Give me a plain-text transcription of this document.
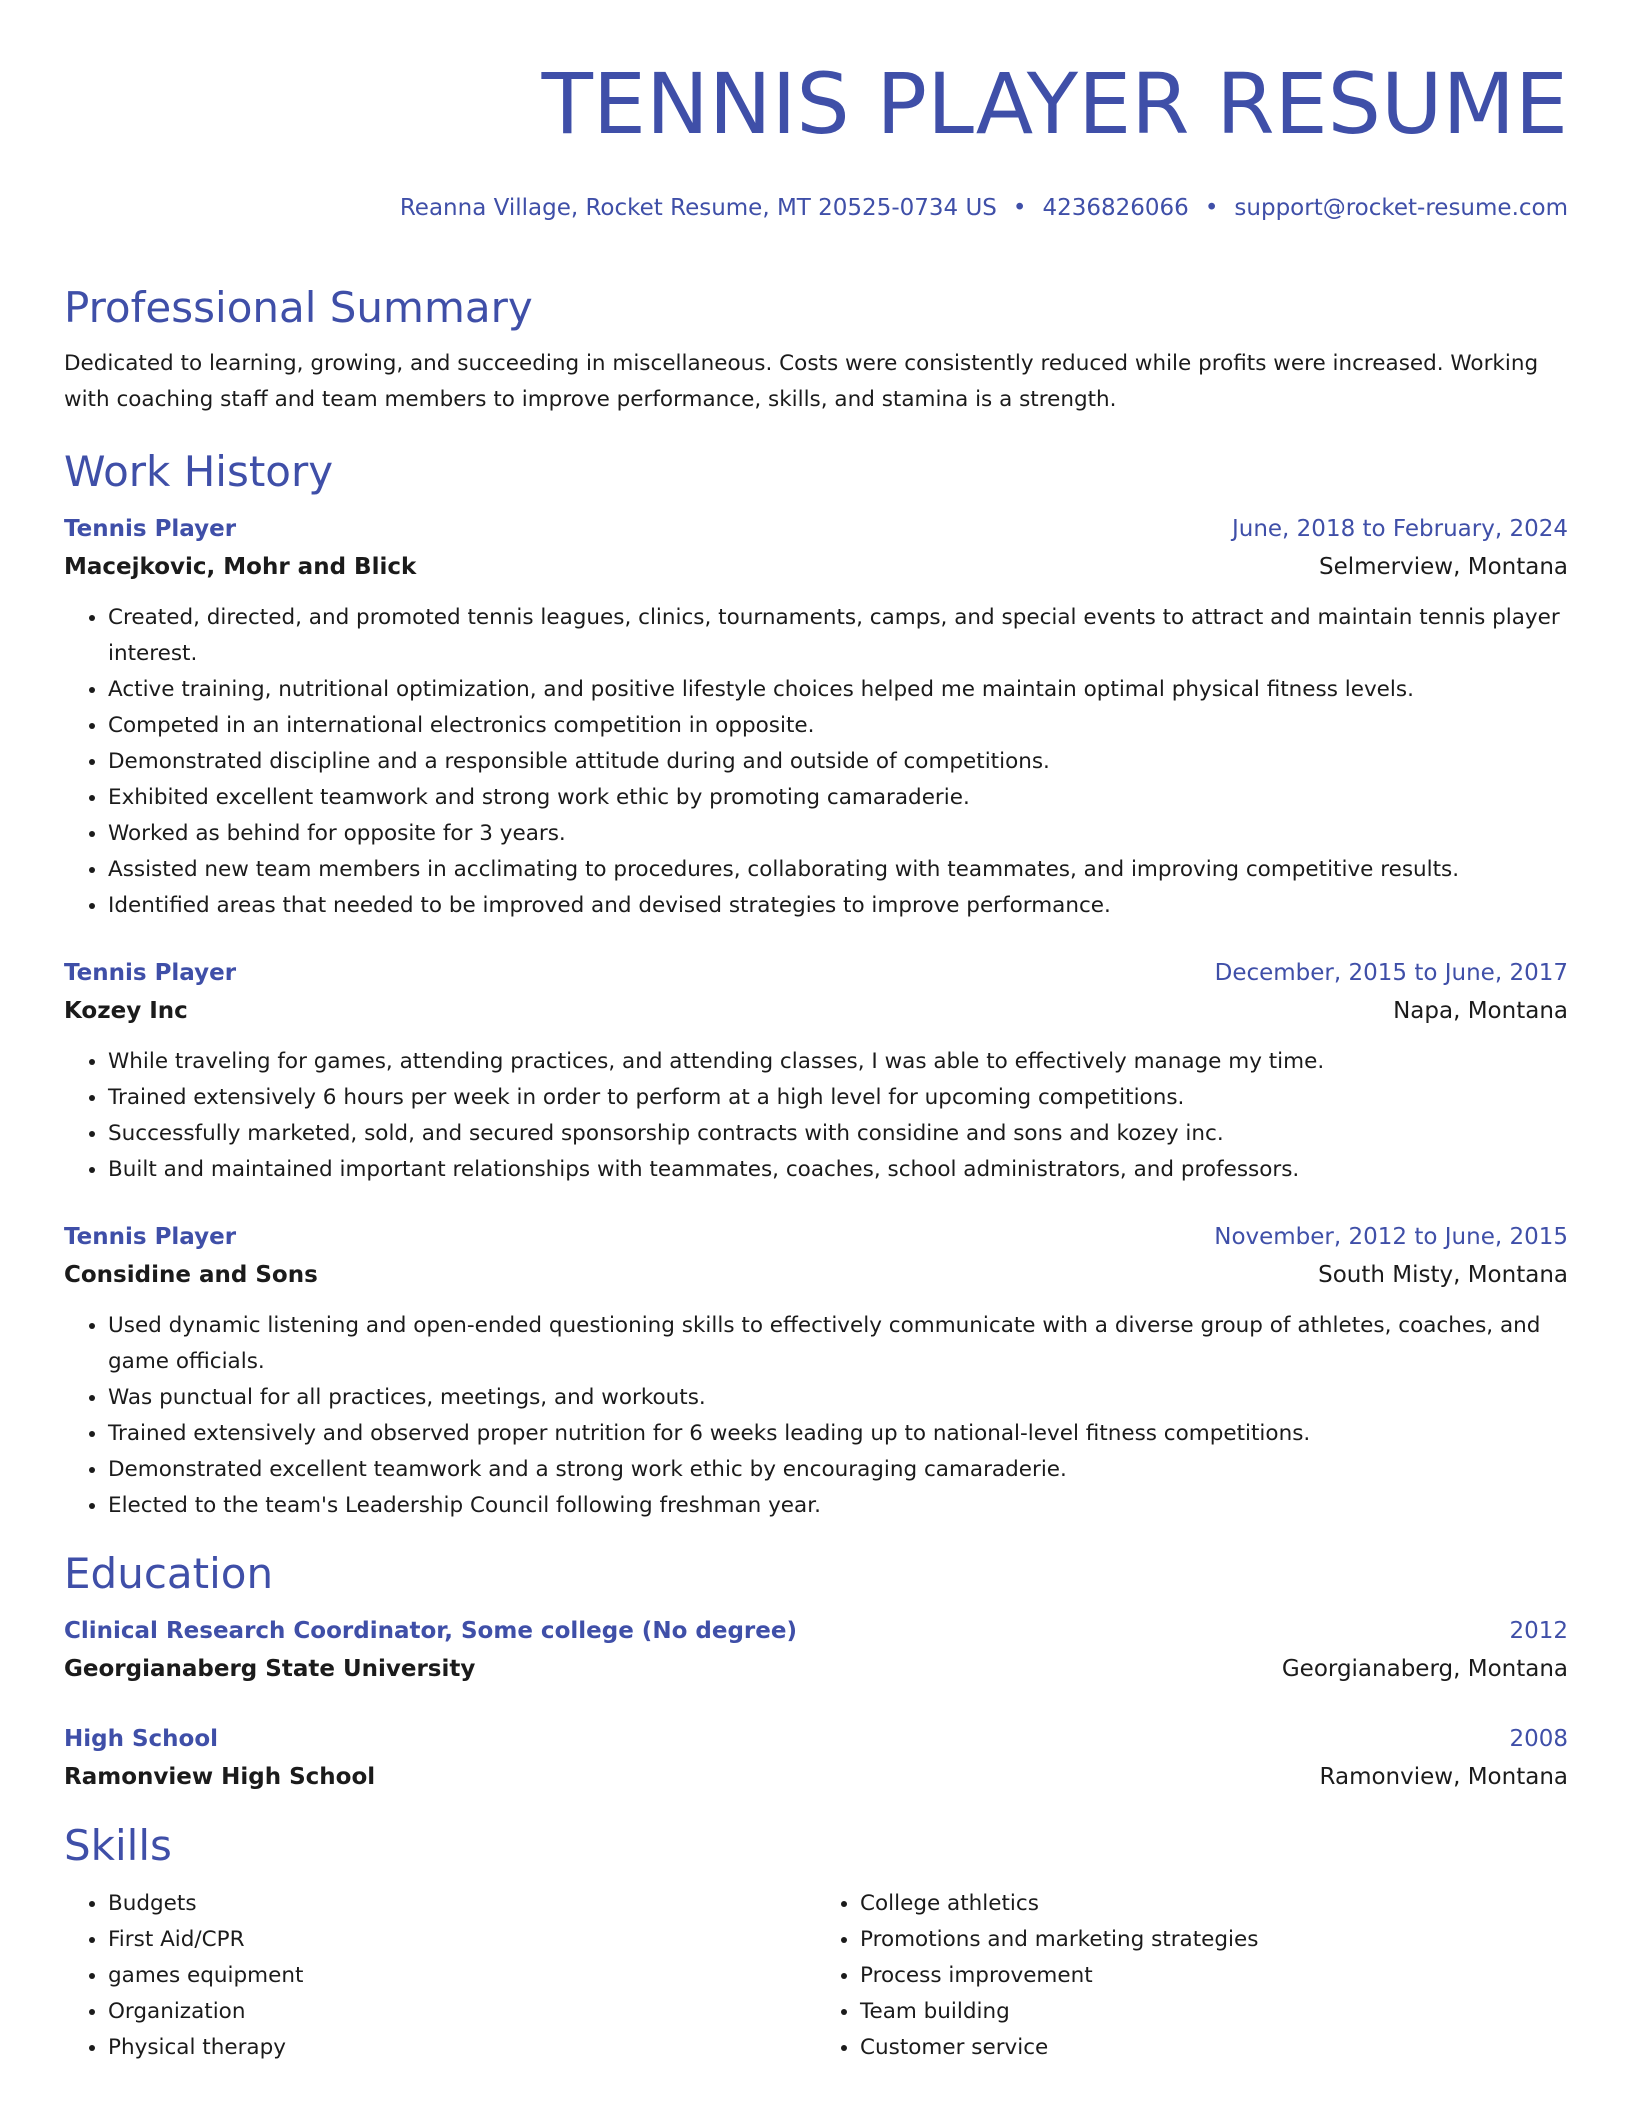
TENNIS PLAYER RESUME
Reanna Village, Rocket Resume, MT 20525-0734 US • 4236826066 • support@rocket-resume.com
Professional Summary

Dedicated to learning, growing, and succeeding in miscellaneous. Costs were consistently reduced while profits were increased. Working with coaching staff and team members to improve performance, skills, and stamina is a strength.

Work History
Tennis Player	June, 2018 to February, 2024
Macejkovic, Mohr and Blick	Selmerview, Montana
• Created, directed, and promoted tennis leagues, clinics, tournaments, camps, and special events to attract and maintain tennis player interest.
• Active training, nutritional optimization, and positive lifestyle choices helped me maintain optimal physical fitness levels.
• Competed in an international electronics competition in opposite.
• Demonstrated discipline and a responsible attitude during and outside of competitions.
• Exhibited excellent teamwork and strong work ethic by promoting camaraderie.
• Worked as behind for opposite for 3 years.
• Assisted new team members in acclimating to procedures, collaborating with teammates, and improving competitive results.
• Identified areas that needed to be improved and devised strategies to improve performance.
Tennis Player	December, 2015 to June, 2017
Kozey Inc	Napa, Montana
• While traveling for games, attending practices, and attending classes, I was able to effectively manage my time.
• Trained extensively 6 hours per week in order to perform at a high level for upcoming competitions.
• Successfully marketed, sold, and secured sponsorship contracts with considine and sons and kozey inc.
• Built and maintained important relationships with teammates, coaches, school administrators, and professors.
Tennis Player	November, 2012 to June, 2015
Considine and Sons	South Misty, Montana
• Used dynamic listening and open-ended questioning skills to effectively communicate with a diverse group of athletes, coaches, and game officials.
• Was punctual for all practices, meetings, and workouts.
• Trained extensively and observed proper nutrition for 6 weeks leading up to national-level fitness competitions.
• Demonstrated excellent teamwork and a strong work ethic by encouraging camaraderie.
• Elected to the team's Leadership Council following freshman year.
Education
Clinical Research Coordinator, Some college (No degree)	2012
Georgianaberg State University	Georgianaberg, Montana
High School	2008
Ramonview High School	Ramonview, Montana
Skills
• Budgets
• First Aid/CPR
• games equipment
• Organization
• Physical therapy
• College athletics
• Promotions and marketing strategies
• Process improvement
• Team building
• Customer service
